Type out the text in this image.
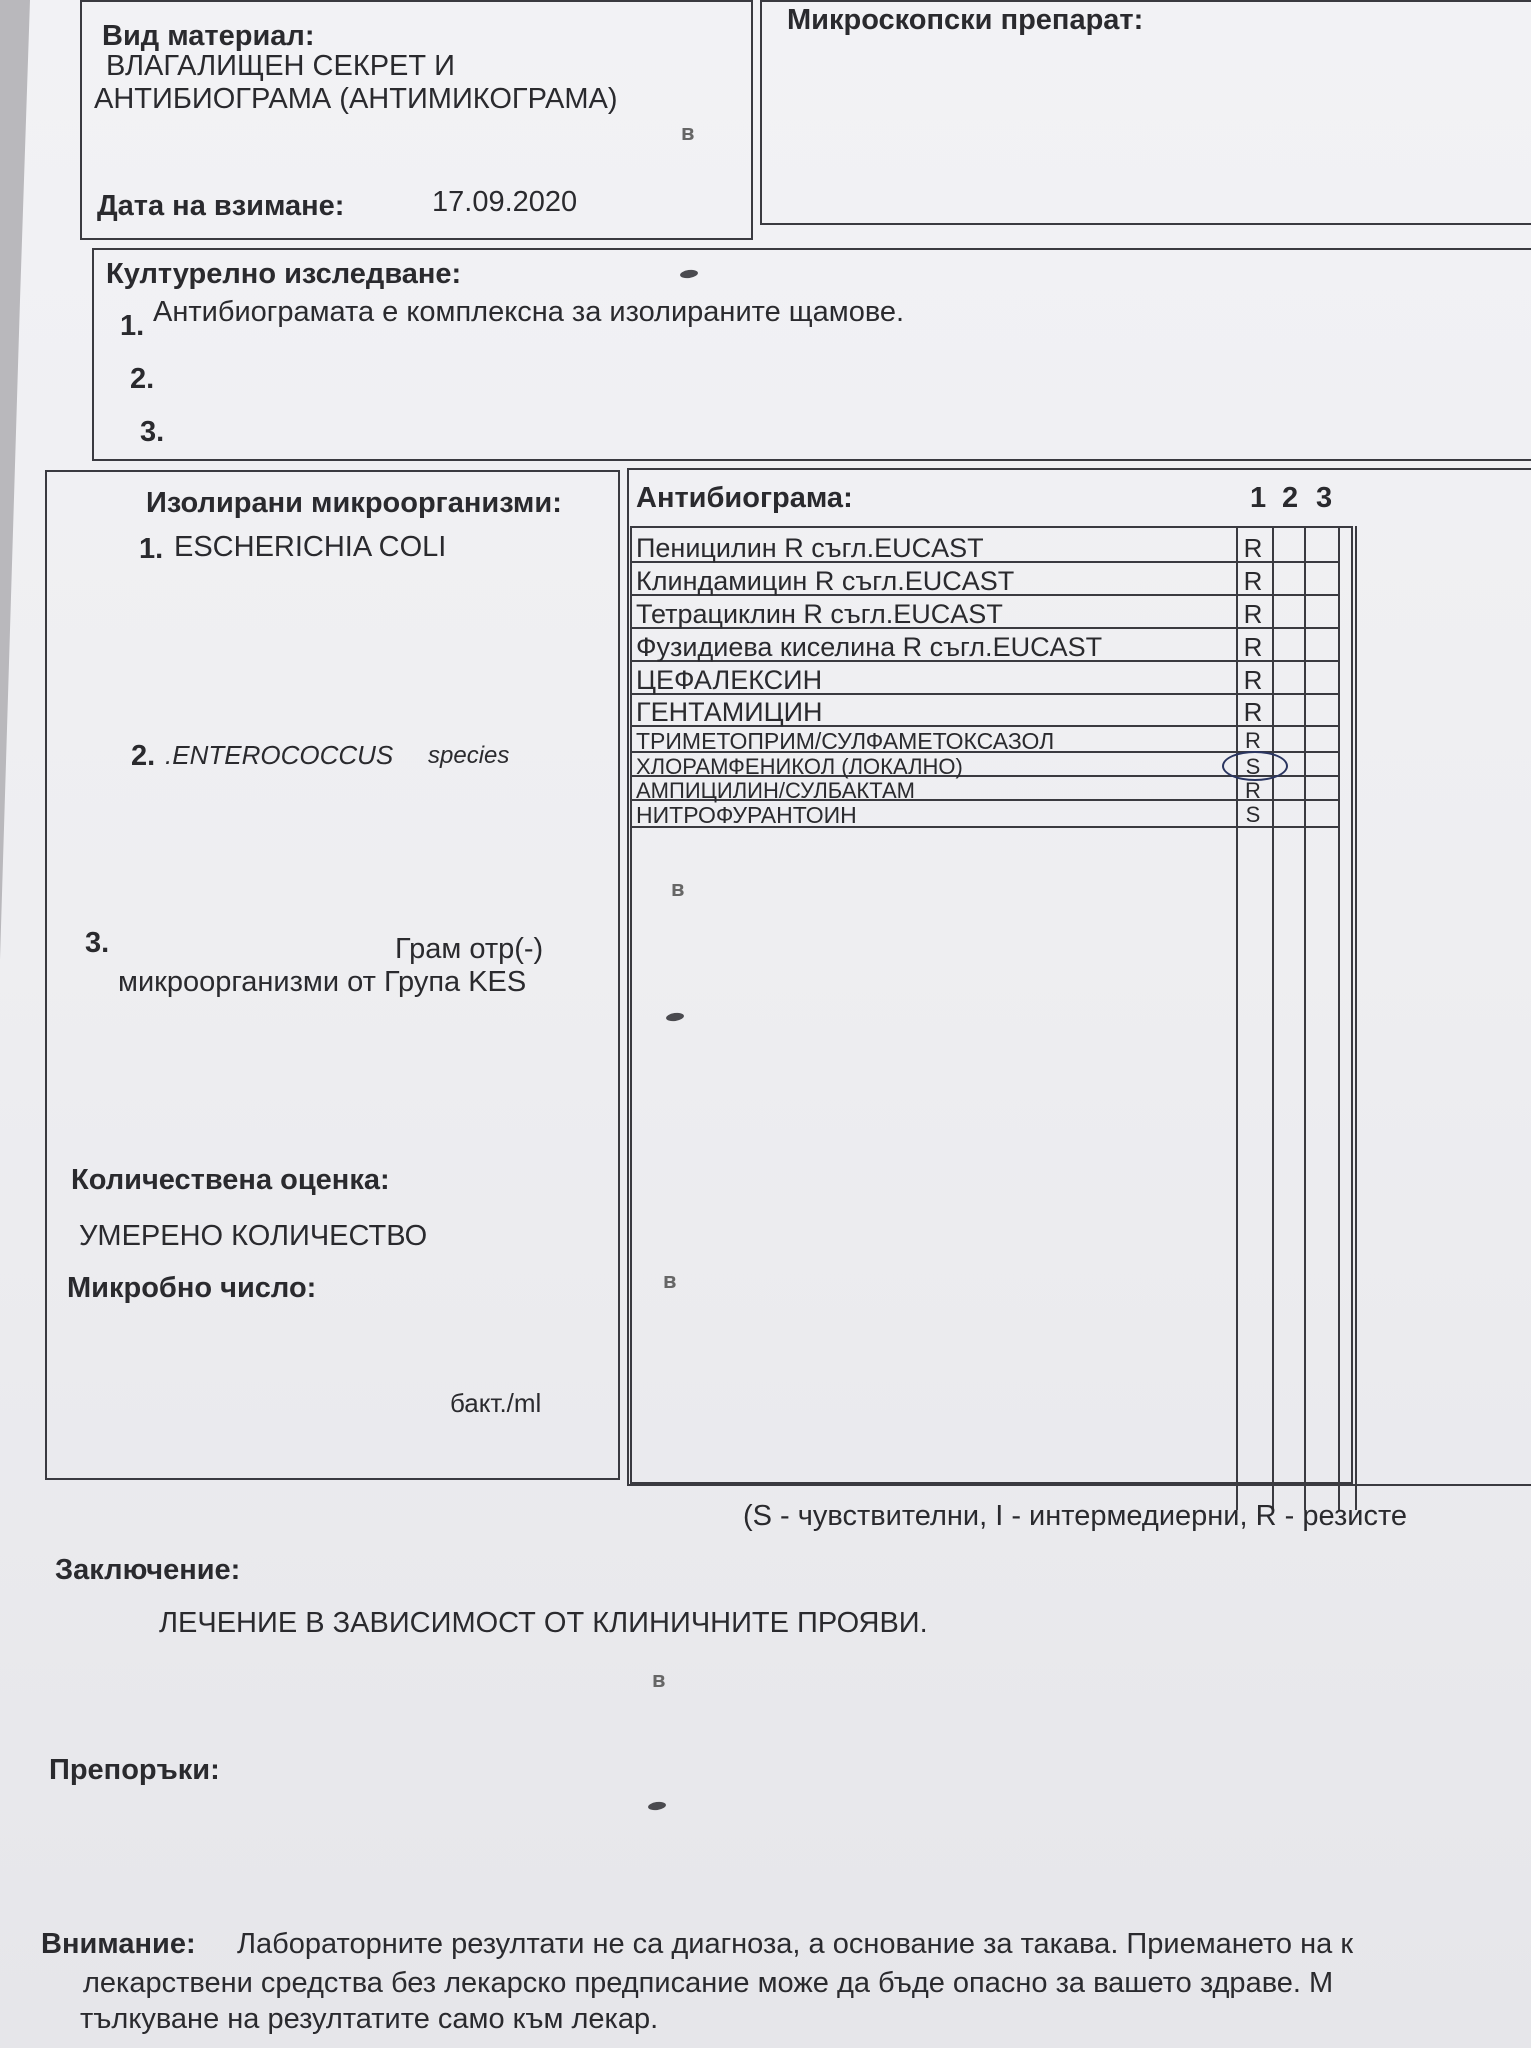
Вид материал:
ВЛАГАЛИЩЕН СЕКРЕТ И
АНТИБИОГРАМА (АНТИМИКОГРАМА)
Дата на взимане:	17.09.2020
Микроскопски препарат:
Културелно изследване:
1. Антибиограмата е комплексна за изолираните щамове.
2.
3.
Изолирани микроорганизми:
1. ESCHERICHIA COLI
2. .ENTEROCOCCUS species
3.	Грам отр(-)
микроорганизми от Група KES
Количествена оценка:
УМЕРЕНО КОЛИЧЕСТВО
Микробно число:
бакт./ml
Антибиограма:	1 2 3
Пеницилин R съгл.EUCAST	R
Клиндамицин R съгл.EUCAST	R
Тетрациклин R съгл.EUCAST	R
Фузидиева киселина R съгл.EUCAST	R
ЦЕФАЛЕКСИН	R
ГЕНТАМИЦИН	R
ТРИМЕТОПРИМ/СУЛФАМЕТОКСАЗОЛ	R
ХЛОРАМФЕНИКОЛ (ЛОКАЛНО)	S
АМПИЦИЛИН/СУЛБАКТАМ	R
НИТРОФУРАНТОИН	S
(S - чувствителни, I - интермедиерни, R - резисте
Заключение:
ЛЕЧЕНИЕ В ЗАВИСИМОСТ ОТ КЛИНИЧНИТЕ ПРОЯВИ.
Препоръки:
Внимание: Лабораторните резултати не са диагноза, а основание за такава. Приемането на к
лекарствени средства без лекарско предписание може да бъде опасно за вашето здраве. М
тълкуване на резултатите само към лекар.
ʙ
ʙ
ʙ
ʙ
